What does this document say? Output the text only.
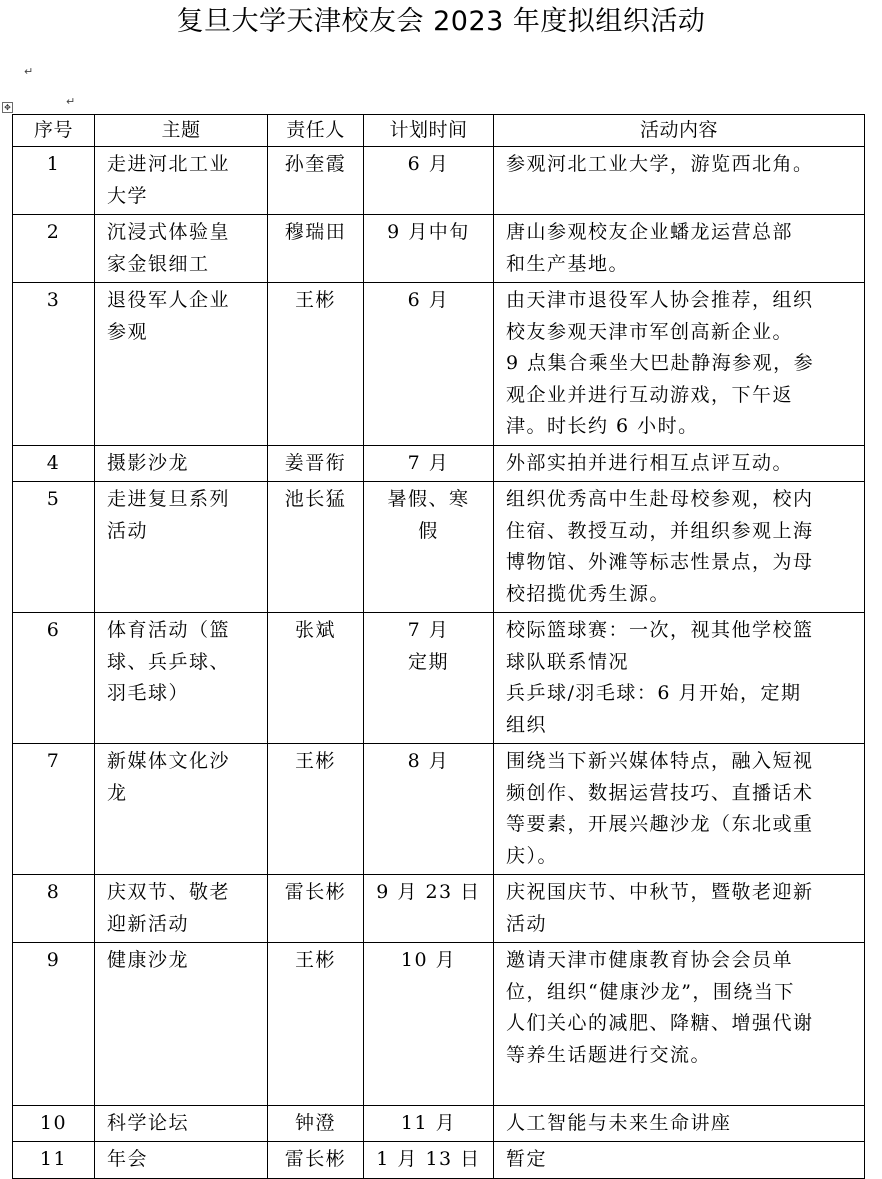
复旦大学天津校友会 2023 年度拟组织活动
↵
↵
✥
序号	主题	责任人	计划时间	活动内容

1	走进河北工业
大学	孙奎霞	6 月	参观河北工业大学，游览西北角。

2	沉浸式体验皇
家金银细工	穆瑞田	9 月中旬	唐山参观校友企业蟠龙运营总部
和生产基地。

3	退役军人企业
参观	王彬	6 月	由天津市退役军人协会推荐，组织
校友参观天津市军创高新企业。
9 点集合乘坐大巴赴静海参观，参
观企业并进行互动游戏，下午返
津。时长约 6 小时。

4	摄影沙龙	姜晋衔	7 月	外部实拍并进行相互点评互动。

5	走进复旦系列
活动	池长猛	暑假、寒
假	组织优秀高中生赴母校参观，校内
住宿、教授互动，并组织参观上海
博物馆、外滩等标志性景点，为母
校招揽优秀生源。

6	体育活动（篮
球、兵乒球、
羽毛球）	张斌	7 月
定期	校际篮球赛：一次，视其他学校篮
球队联系情况
兵乒球/羽毛球：6 月开始，定期
组织

7	新媒体文化沙
龙	王彬	8 月	围绕当下新兴媒体特点，融入短视
频创作、数据运营技巧、直播话术
等要素，开展兴趣沙龙（东北或重
庆）。

8	庆双节、敬老
迎新活动	雷长彬	9 月 23 日	庆祝国庆节、中秋节，暨敬老迎新
活动

9	健康沙龙	王彬	10 月	邀请天津市健康教育协会会员单
位，组织“健康沙龙”，围绕当下
人们关心的减肥、降糖、增强代谢
等养生话题进行交流。

10	科学论坛	钟澄	11 月	人工智能与未来生命讲座

11	年会	雷长彬	1 月 13 日	暂定
